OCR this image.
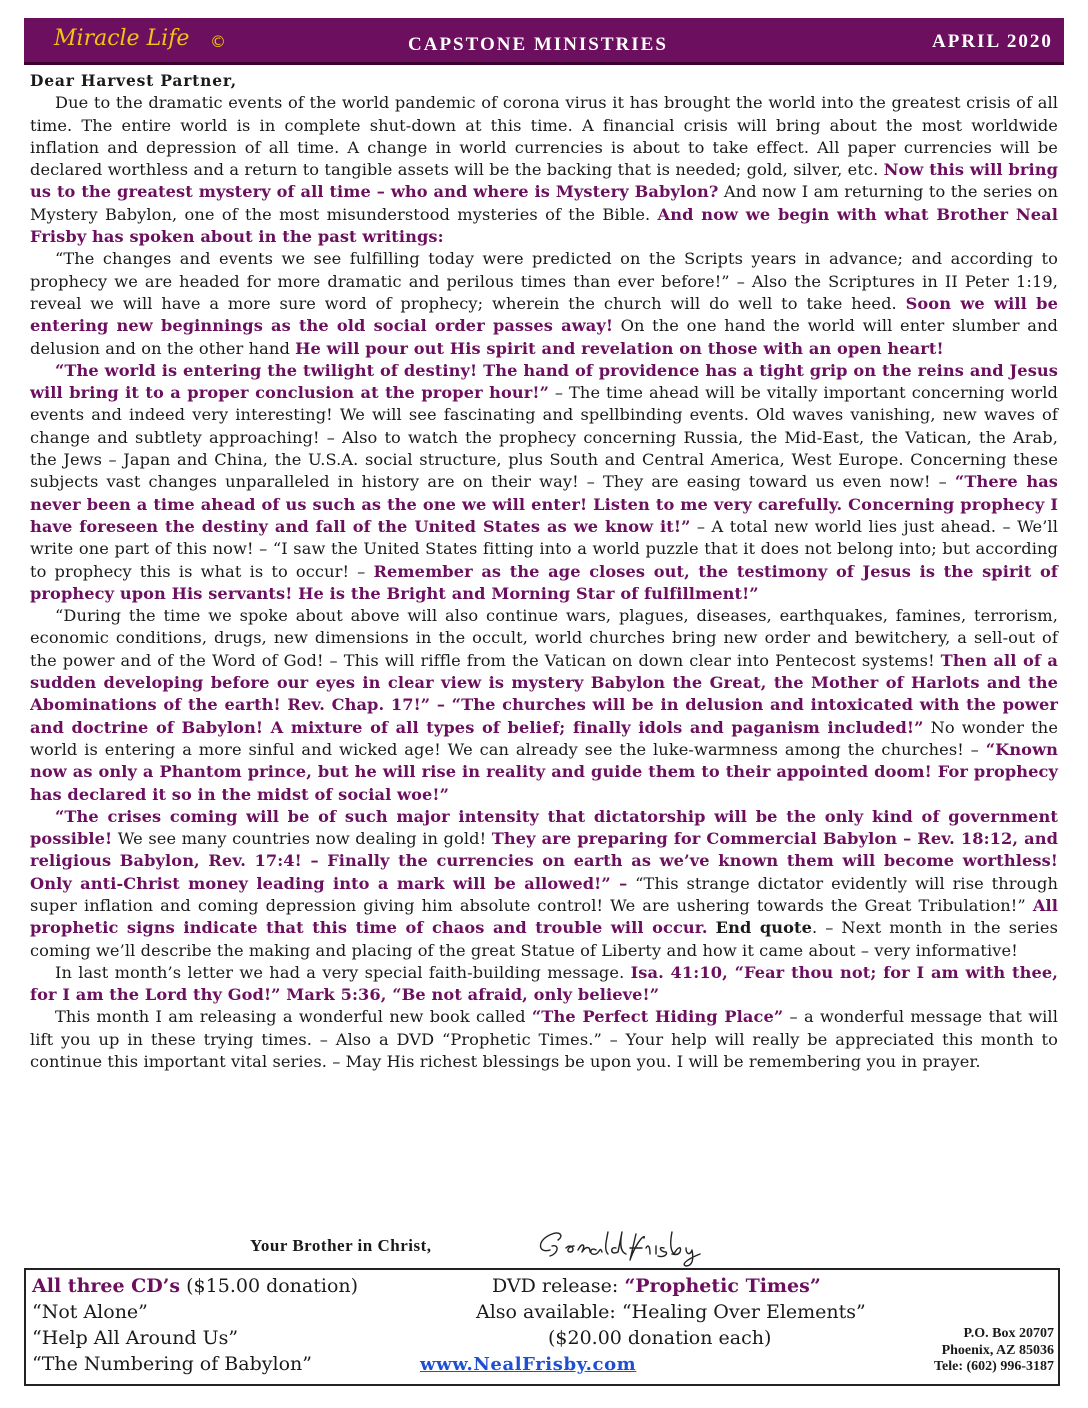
Miracle Life ©	CAPSTONE MINISTRIES	APRIL 2020

Dear Harvest Partner,

Due to the dramatic events of the world pandemic of corona virus it has brought the world into the greatest crisis of all time. The entire world is in complete shut-down at this time. A financial crisis will bring about the most worldwide inflation and depression of all time. A change in world currencies is about to take effect. All paper currencies will be declared worthless and a return to tangible assets will be the backing that is needed; gold, silver, etc. Now this will bring us to the greatest mystery of all time – who and where is Mystery Babylon? And now I am returning to the series on Mystery Babylon, one of the most misunderstood mysteries of the Bible. And now we begin with what Brother Neal Frisby has spoken about in the past writings:

“The changes and events we see fulfilling today were predicted on the Scripts years in advance; and according to prophecy we are headed for more dramatic and perilous times than ever before!” – Also the Scriptures in II Peter 1:19, reveal we will have a more sure word of prophecy; wherein the church will do well to take heed. Soon we will be entering new beginnings as the old social order passes away! On the one hand the world will enter slumber and delusion and on the other hand He will pour out His spirit and revelation on those with an open heart!

“The world is entering the twilight of destiny! The hand of providence has a tight grip on the reins and Jesus will bring it to a proper conclusion at the proper hour!” – The time ahead will be vitally important concerning world events and indeed very interesting! We will see fascinating and spellbinding events. Old waves vanishing, new waves of change and subtlety approaching! – Also to watch the prophecy concerning Russia, the Mid-East, the Vatican, the Arab, the Jews – Japan and China, the U.S.A. social structure, plus South and Central America, West Europe. Concerning these subjects vast changes unparalleled in history are on their way! – They are easing toward us even now! – “There has never been a time ahead of us such as the one we will enter! Listen to me very carefully. Concerning prophecy I have foreseen the destiny and fall of the United States as we know it!” – A total new world lies just ahead. – We’ll write one part of this now! – “I saw the United States fitting into a world puzzle that it does not belong into; but according to prophecy this is what is to occur! – Remember as the age closes out, the testimony of Jesus is the spirit of prophecy upon His servants! He is the Bright and Morning Star of fulfillment!”

“During the time we spoke about above will also continue wars, plagues, diseases, earthquakes, famines, terrorism, economic conditions, drugs, new dimensions in the occult, world churches bring new order and bewitchery, a sell-out of the power and of the Word of God! – This will riffle from the Vatican on down clear into Pentecost systems! Then all of a sudden developing before our eyes in clear view is mystery Babylon the Great, the Mother of Harlots and the Abominations of the earth! Rev. Chap. 17!” – “The churches will be in delusion and intoxicated with the power and doctrine of Babylon! A mixture of all types of belief; finally idols and paganism included!” No wonder the world is entering a more sinful and wicked age! We can already see the luke-warmness among the churches! – “Known now as only a Phantom prince, but he will rise in reality and guide them to their appointed doom! For prophecy has declared it so in the midst of social woe!”

“The crises coming will be of such major intensity that dictatorship will be the only kind of government possible! We see many countries now dealing in gold! They are preparing for Commercial Babylon – Rev. 18:12, and religious Babylon, Rev. 17:4! – Finally the currencies on earth as we’ve known them will become worthless! Only anti-Christ money leading into a mark will be allowed!” – “This strange dictator evidently will rise through super inflation and coming depression giving him absolute control! We are ushering towards the Great Tribulation!” All prophetic signs indicate that this time of chaos and trouble will occur. End quote. – Next month in the series coming we’ll describe the making and placing of the great Statue of Liberty and how it came about – very informative!

In last month’s letter we had a very special faith-building message. Isa. 41:10, “Fear thou not; for I am with thee, for I am the Lord thy God!” Mark 5:36, “Be not afraid, only believe!”

This month I am releasing a wonderful new book called “The Perfect Hiding Place” – a wonderful message that will lift you up in these trying times. – Also a DVD “Prophetic Times.” – Your help will really be appreciated this month to continue this important vital series. – May His richest blessings be upon you. I will be remembering you in prayer.

Your Brother in Christ,
All three CD’s ($15.00 donation)
“Not Alone”
“Help All Around Us”
“The Numbering of Babylon”
DVD release: “Prophetic Times”
Also available: “Healing Over Elements”
($20.00 donation each)
www.NealFrisby.com
P.O. Box 20707
Phoenix, AZ 85036
Tele: (602) 996-3187
